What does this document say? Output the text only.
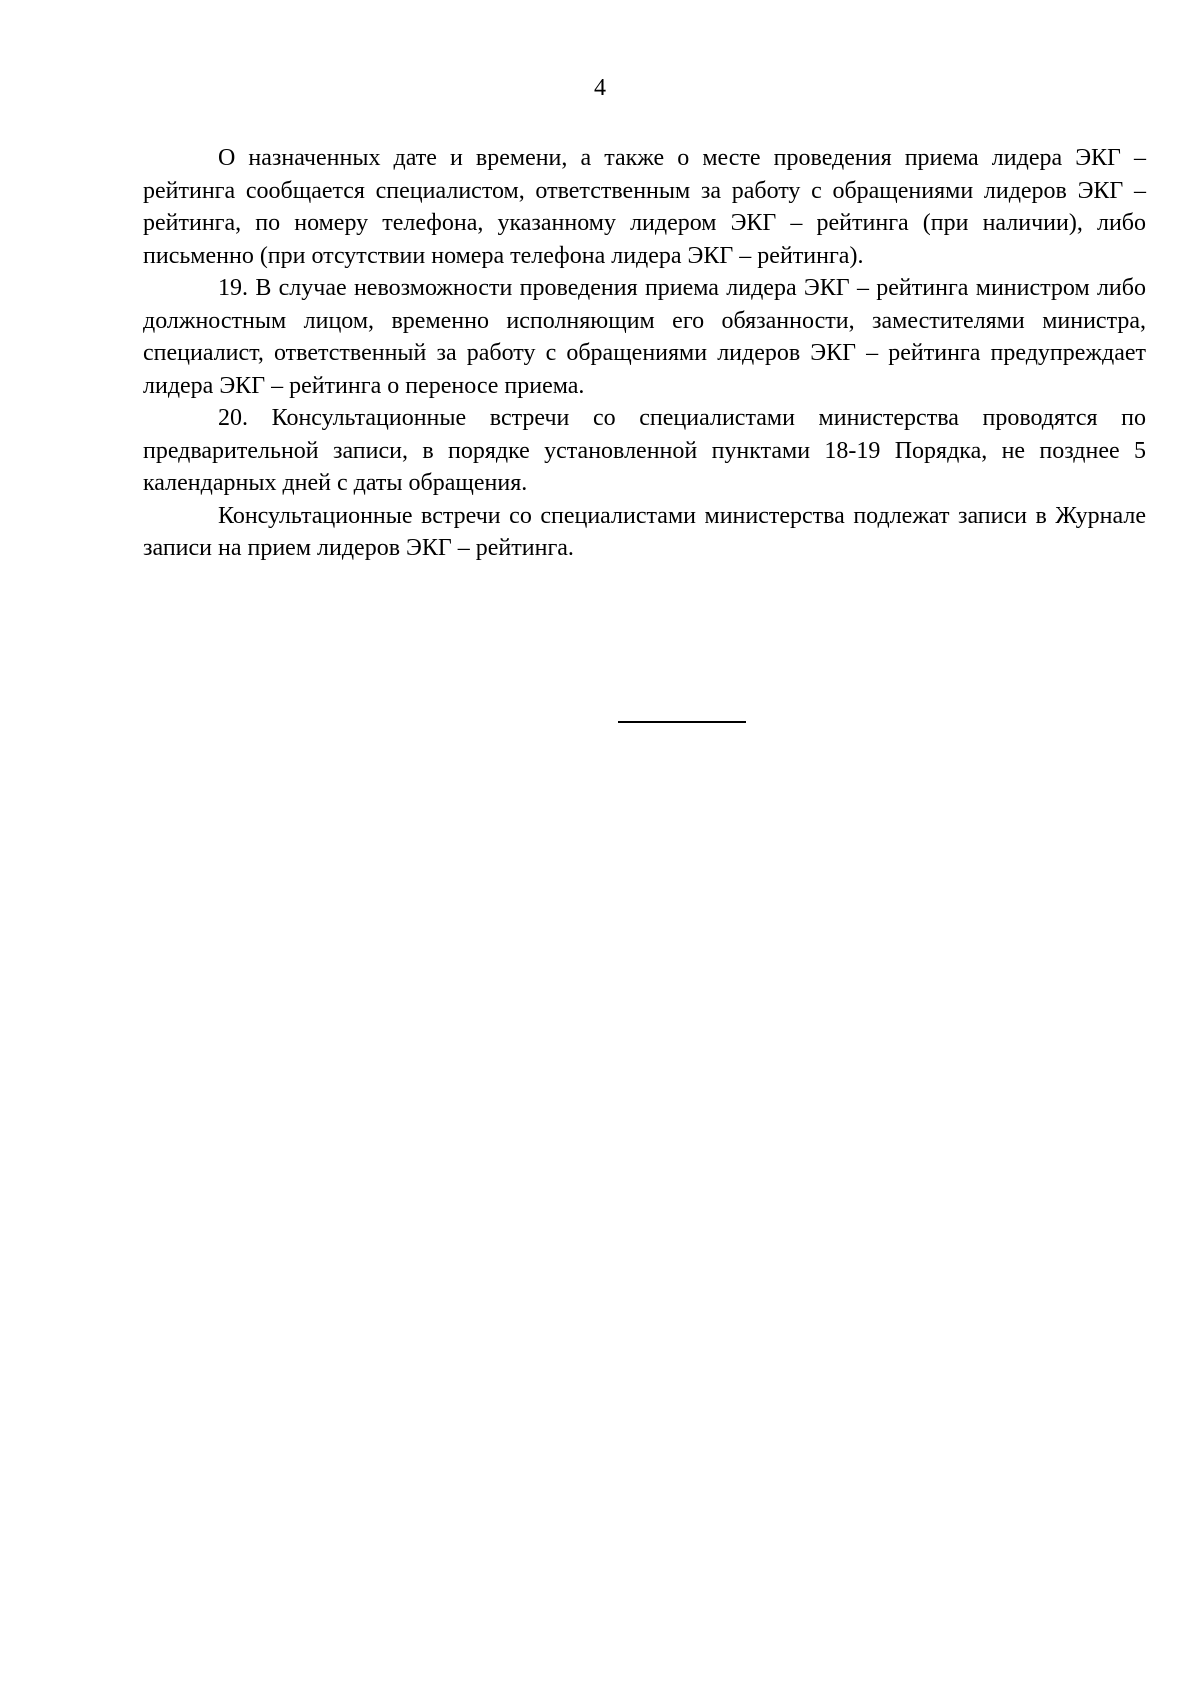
4

О назначенных дате и времени, а также о месте проведения приема лидера ЭКГ – рейтинга сообщается специалистом, ответственным за работу с обращениями лидеров ЭКГ – рейтинга, по номеру телефона, указанному лидером ЭКГ – рейтинга (при наличии), либо письменно (при отсутствии номера телефона лидера ЭКГ – рейтинга).

19. В случае невозможности проведения приема лидера ЭКГ – рейтинга министром либо должностным лицом, временно исполняющим его обязанности, заместителями министра, специалист, ответственный за работу с обращениями лидеров ЭКГ – рейтинга предупреждает лидера ЭКГ – рейтинга о переносе приема.

20. Консультационные встречи со специалистами министерства проводятся по предварительной записи, в порядке установленной пунктами 18-19 Порядка, не позднее 5 календарных дней с даты обращения.

Консультационные встречи со специалистами министерства подлежат записи в Журнале записи на прием лидеров ЭКГ – рейтинга.
